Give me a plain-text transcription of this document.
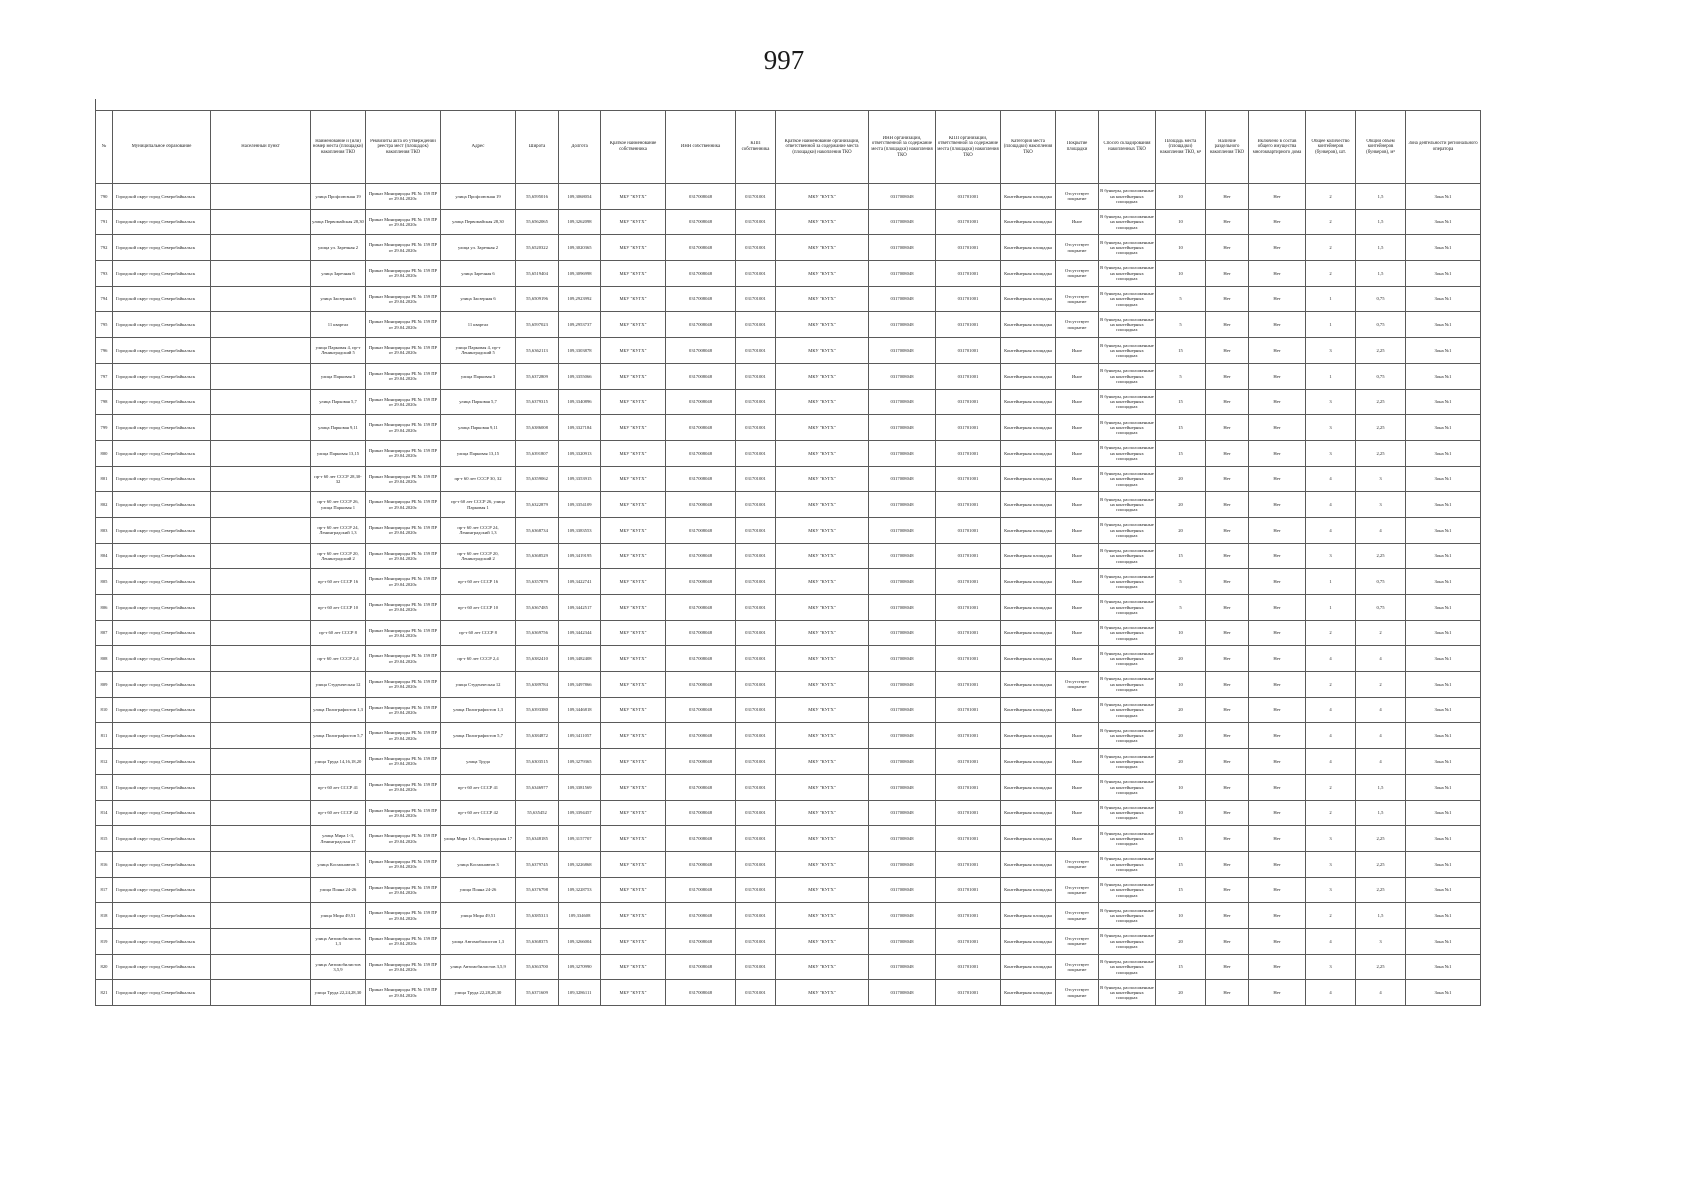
997
№	Муниципальное образование	Населенный пункт	Наименование и (или) номер места (площадки) накопления ТКО	Реквизиты акта об утверждении реестра мест (площадок) накопления ТКО	Адрес	Широта	Долгота	Краткое наименование собственника	ИНН собственника	КПП собственника	Краткое наименование организации, ответственной за содержание места (площадки) накопления ТКО	ИНН организации, ответственной за содержание места (площадки) накопления ТКО	КПП организации, ответственной за содержание места (площадки) накопления ТКО	Категория места (площадки) накопления ТКО	Покрытие площадки	Способ складирования накопленных ТКО	Площадь места (площадки) накопления ТКО, м²	Наличие раздельного накопления ТКО	Включено в состав общего имущества многоквартирного дома	Общее количество контейнеров (бункеров), шт.	Общий объем контейнеров (бункеров), м³	Зона деятельности регионального оператора

790	Городской округ город Северобайкальск		улица Профсоюзная 19	Приказ Минприроды РБ № 159 ПР от 29.04.2020г.	улица Профсоюзная 19	55,6595016	109,3068054	МБУ "КУГХ"	0317008048	031701001	МКУ "КУГХ"	0317008048	031701001	Контейнерная площадка	Отсутствует покрытие	В бункеры, расположенные на контейнерных площадках	10	Нет	Нет	2	1,5	Зона №1

791	Городской округ город Северобайкальск		улица Первомайская 28,30	Приказ Минприроды РБ № 159 ПР от 29.04.2020г.	улица Первомайская 28,30	55,6562065	109,3262098	МБУ "КУГХ"	0317008048	031701001	МКУ "КУГХ"	0317008048	031701001	Контейнерная площадка	Иное	В бункеры, расположенные на контейнерных площадках	10	Нет	Нет	2	1,5	Зона №1

792	Городской округ город Северобайкальск		улица ул. Заречная 2	Приказ Минприроды РБ № 159 ПР от 29.04.2020г.	улица ул. Заречная 2	55,6520322	109,3020365	МБУ "КУГХ"	0317008048	031701001	МКУ "КУГХ"	0317008048	031701001	Контейнерная площадка	Отсутствует покрытие	В бункеры, расположенные на контейнерных площадках	10	Нет	Нет	2	1,5	Зона №1

793	Городской округ город Северобайкальск		улица Заречная 6	Приказ Минприроды РБ № 159 ПР от 29.04.2020г.	улица Заречная 6	55,6519404	109,3096998	МБУ "КУГХ"	0317008048	031701001	МКУ "КУГХ"	0317008048	031701001	Контейнерная площадка	Отсутствует покрытие	В бункеры, расположенные на контейнерных площадках	10	Нет	Нет	2	1,5	Зона №1

794	Городской округ город Северобайкальск		улица Заозерная 6	Приказ Минприроды РБ № 159 ПР от 29.04.2020г.	улица Заозерная 6	55,6509196	109,2923992	МБУ "КУГХ"	0317008048	031701001	МКУ "КУГХ"	0317008048	031701001	Контейнерная площадка	Отсутствует покрытие	В бункеры, расположенные на контейнерных площадках	5	Нет	Нет	1	0,75	Зона №1

795	Городской округ город Северобайкальск		11 квартал	Приказ Минприроды РБ № 159 ПР от 29.04.2020г.	11 квартал	55,6597023	109,2953737	МБУ "КУГХ"	0317008048	031701001	МКУ "КУГХ"	0317008048	031701001	Контейнерная площадка	Отсутствует покрытие	В бункеры, расположенные на контейнерных площадках	5	Нет	Нет	1	0,75	Зона №1

796	Городской округ город Северобайкальск		улица Парковая 4, пр-т Ленинградский 5	Приказ Минприроды РБ № 159 ПР от 29.04.2020г.	улица Парковая 4, пр-т Ленинградский 5	55,6362113	109,3303878	МБУ "КУГХ"	0317008048	031701001	МКУ "КУГХ"	0317008048	031701001	Контейнерная площадка	Иное	В бункеры, расположенные на контейнерных площадках	15	Нет	Нет	3	2,25	Зона №1

797	Городской округ город Северобайкальск		улица Парковая 3	Приказ Минприроды РБ № 159 ПР от 29.04.2020г.	улица Парковая 3	55,6372809	109,3355066	МБУ "КУГХ"	0317008048	031701001	МКУ "КУГХ"	0317008048	031701001	Контейнерная площадка	Иное	В бункеры, расположенные на контейнерных площадках	5	Нет	Нет	1	0,75	Зона №1

798	Городской округ город Северобайкальск		улица Парковая 5,7	Приказ Минприроды РБ № 159 ПР от 29.04.2020г.	улица Парковая 5,7	55,6379315	109,3340896	МБУ "КУГХ"	0317008048	031701001	МКУ "КУГХ"	0317008048	031701001	Контейнерная площадка	Иное	В бункеры, расположенные на контейнерных площадках	15	Нет	Нет	3	2,25	Зона №1

799	Городской округ город Северобайкальск		улица Парковая 9,11	Приказ Минприроды РБ № 159 ПР от 29.04.2020г.	улица Парковая 9,11	55,6386008	109,3327184	МБУ "КУГХ"	0317008048	031701001	МКУ "КУГХ"	0317008048	031701001	Контейнерная площадка	Иное	В бункеры, расположенные на контейнерных площадках	15	Нет	Нет	3	2,25	Зона №1

800	Городской округ город Северобайкальск		улица Парковая 13,15	Приказ Минприроды РБ № 159 ПР от 29.04.2020г.	улица Парковая 13,15	55,6391807	109,3320913	МБУ "КУГХ"	0317008048	031701001	МКУ "КУГХ"	0317008048	031701001	Контейнерная площадка	Иное	В бункеры, расположенные на контейнерных площадках	15	Нет	Нет	3	2,25	Зона №1

801	Городской округ город Северобайкальск		пр-т 60 лет СССР 28,30-32	Приказ Минприроды РБ № 159 ПР от 29.04.2020г.	пр-т 60 лет СССР 30, 32	55,6359062	109,3353915	МБУ "КУГХ"	0317008048	031701001	МКУ "КУГХ"	0317008048	031701001	Контейнерная площадка	Иное	В бункеры, расположенные на контейнерных площадках	20	Нет	Нет	4	3	Зона №1

802	Городской округ город Северобайкальск		пр-т 60 лет СССР 26, улица Парковая 1	Приказ Минприроды РБ № 159 ПР от 29.04.2020г.	пр-т 60 лет СССР 26, улица Парковая 1	55,6322879	109,3354109	МБУ "КУГХ"	0317008048	031701001	МКУ "КУГХ"	0317008048	031701001	Контейнерная площадка	Иное	В бункеры, расположенные на контейнерных площадках	20	Нет	Нет	4	3	Зона №1

803	Городской округ город Северобайкальск		пр-т 60 лет СССР 24, Ленинградский 1,3	Приказ Минприроды РБ № 159 ПР от 29.04.2020г.	пр-т 60 лет СССР 24, Ленинградский 1,3	55,6368734	109,3383553	МБУ "КУГХ"	0317008048	031701001	МКУ "КУГХ"	0317008048	031701001	Контейнерная площадка	Иное	В бункеры, расположенные на контейнерных площадках	20	Нет	Нет	4	4	Зона №1

804	Городской округ город Северобайкальск		пр-т 60 лет СССР 20, Ленинградский 2	Приказ Минприроды РБ № 159 ПР от 29.04.2020г.	пр-т 60 лет СССР 20, Ленинградский 2	55,6368529	109,3419195	МБУ "КУГХ"	0317008048	031701001	МКУ "КУГХ"	0317008048	031701001	Контейнерная площадка	Иное	В бункеры, расположенные на контейнерных площадках	15	Нет	Нет	3	2,25	Зона №1

805	Городской округ город Северобайкальск		пр-т 60 лет СССР 16	Приказ Минприроды РБ № 159 ПР от 29.04.2020г.	пр-т 60 лет СССР 16	55,6357879	109,3422741	МБУ "КУГХ"	0317008048	031701001	МКУ "КУГХ"	0317008048	031701001	Контейнерная площадка	Иное	В бункеры, расположенные на контейнерных площадках	5	Нет	Нет	1	0,75	Зона №1

806	Городской округ город Северобайкальск		пр-т 60 лет СССР 10	Приказ Минприроды РБ № 159 ПР от 29.04.2020г.	пр-т 60 лет СССР 10	55,6367485	109,3442517	МБУ "КУГХ"	0317008048	031701001	МКУ "КУГХ"	0317008048	031701001	Контейнерная площадка	Иное	В бункеры, расположенные на контейнерных площадках	5	Нет	Нет	1	0,75	Зона №1

807	Городской округ город Северобайкальск		пр-т 60 лет СССР 8	Приказ Минприроды РБ № 159 ПР от 29.04.2020г.	пр-т 60 лет СССР 8	55,6369756	109,3442344	МБУ "КУГХ"	0317008048	031701001	МКУ "КУГХ"	0317008048	031701001	Контейнерная площадка	Иное	В бункеры, расположенные на контейнерных площадках	10	Нет	Нет	2	2	Зона №1

808	Городской округ город Северобайкальск		пр-т 60 лет СССР 2,4	Приказ Минприроды РБ № 159 ПР от 29.04.2020г.	пр-т 60 лет СССР 2,4	55,6382410	109,3482408	МБУ "КУГХ"	0317008048	031701001	МКУ "КУГХ"	0317008048	031701001	Контейнерная площадка	Иное	В бункеры, расположенные на контейнерных площадках	20	Нет	Нет	4	4	Зона №1

809	Городской округ город Северобайкальск		улица Студенческая 12	Приказ Минприроды РБ № 159 ПР от 29.04.2020г.	улица Студенческая 12	55,6389784	109,3497866	МБУ "КУГХ"	0317008048	031701001	МКУ "КУГХ"	0317008048	031701001	Контейнерная площадка	Отсутствует покрытие	В бункеры, расположенные на контейнерных площадках	10	Нет	Нет	2	2	Зона №1

810	Городской округ город Северобайкальск		улица Полиграфистов 1,3	Приказ Минприроды РБ № 159 ПР от 29.04.2020г.	улица Полиграфистов 1,3	55,6393380	109,3446818	МБУ "КУГХ"	0317008048	031701001	МКУ "КУГХ"	0317008048	031701001	Контейнерная площадка	Иное	В бункеры, расположенные на контейнерных площадках	20	Нет	Нет	4	4	Зона №1

811	Городской округ город Северобайкальск		улица Полиграфистов 5,7	Приказ Минприроды РБ № 159 ПР от 29.04.2020г.	улица Полиграфистов 5,7	55,6384872	109,3411057	МБУ "КУГХ"	0317008048	031701001	МКУ "КУГХ"	0317008048	031701001	Контейнерная площадка	Иное	В бункеры, расположенные на контейнерных площадках	20	Нет	Нет	4	4	Зона №1

812	Городской округ город Северобайкальск		улица Труда 14,16,18,20	Приказ Минприроды РБ № 159 ПР от 29.04.2020г.	улица Труда	55,6303515	109,3279365	МБУ "КУГХ"	0317008048	031701001	МКУ "КУГХ"	0317008048	031701001	Контейнерная площадка	Иное	В бункеры, расположенные на контейнерных площадках	20	Нет	Нет	4	4	Зона №1

813	Городской округ город Северобайкальск		пр-т 60 лет СССР 41	Приказ Минприроды РБ № 159 ПР от 29.04.2020г.	пр-т 60 лет СССР 41	55,6346977	109,3381569	МБУ "КУГХ"	0317008048	031701001	МКУ "КУГХ"	0317008048	031701001	Контейнерная площадка	Иное	В бункеры, расположенные на контейнерных площадках	10	Нет	Нет	2	1,5	Зона №1

814	Городской округ город Северобайкальск		пр-т 60 лет СССР 42	Приказ Минприроды РБ № 159 ПР от 29.04.2020г.	пр-т 60 лет СССР 42	55,635452	109,3394457	МБУ "КУГХ"	0317008048	031701001	МКУ "КУГХ"	0317008048	031701001	Контейнерная площадка	Иное	В бункеры, расположенные на контейнерных площадках	10	Нет	Нет	2	1,5	Зона №1

815	Городской округ город Северобайкальск		улица Мира 1-3, Ленинградская 17	Приказ Минприроды РБ № 159 ПР от 29.04.2020г.	улица Мира 1-3, Ленинградская 17	55,6348185	109,3157707	МБУ "КУГХ"	0317008048	031701001	МКУ "КУГХ"	0317008048	031701001	Контейнерная площадка	Иное	В бункеры, расположенные на контейнерных площадках	15	Нет	Нет	3	2,25	Зона №1

816	Городской округ город Северобайкальск		улица Космонавтов 3	Приказ Минприроды РБ № 159 ПР от 29.04.2020г.	улица Космонавтов 3	55,6379745	109,3226868	МБУ "КУГХ"	0317008048	031701001	МКУ "КУГХ"	0317008048	031701001	Контейнерная площадка	Отсутствует покрытие	В бункеры, расположенные на контейнерных площадках	15	Нет	Нет	3	2,25	Зона №1

817	Городской округ город Северобайкальск		улица Пояна 24-26	Приказ Минприроды РБ № 159 ПР от 29.04.2020г.	улица Пояна 24-26	55,6376798	109,3228753	МБУ "КУГХ"	0317008048	031701001	МКУ "КУГХ"	0317008048	031701001	Контейнерная площадка	Отсутствует покрытие	В бункеры, расположенные на контейнерных площадках	15	Нет	Нет	3	2,25	Зона №1

818	Городской округ город Северобайкальск		улица Мира 49,51	Приказ Минприроды РБ № 159 ПР от 29.04.2020г.	улица Мира 49,51	55,6385313	109,334608	МБУ "КУГХ"	0317008048	031701001	МКУ "КУГХ"	0317008048	031701001	Контейнерная площадка	Отсутствует покрытие	В бункеры, расположенные на контейнерных площадках	10	Нет	Нет	2	1,5	Зона №1

819	Городской округ город Северобайкальск		улица Автомобилистов 1,3	Приказ Минприроды РБ № 159 ПР от 29.04.2020г.	улица Автомобилистов 1,3	55,6368375	109,3266004	МБУ "КУГХ"	0317008048	031701001	МКУ "КУГХ"	0317008048	031701001	Контейнерная площадка	Отсутствует покрытие	В бункеры, расположенные на контейнерных площадках	20	Нет	Нет	4	3	Зона №1

820	Городской округ город Северобайкальск		улица Автомобилистов 3,5,9	Приказ Минприроды РБ № 159 ПР от 29.04.2020г.	улица Автомобилистов 3,5,9	55,6363700	109,3270990	МБУ "КУГХ"	0317008048	031701001	МКУ "КУГХ"	0317008048	031701001	Контейнерная площадка	Отсутствует покрытие	В бункеры, расположенные на контейнерных площадках	15	Нет	Нет	3	2,25	Зона №1

821	Городской округ город Северобайкальск		улица Труда 22,24,28,30	Приказ Минприроды РБ № 159 ПР от 29.04.2020г.	улица Труда 22,28,28,30	55,6371609	109,3286111	МБУ "КУГХ"	0317008048	031701001	МКУ "КУГХ"	0317008048	031701001	Контейнерная площадка	Отсутствует покрытие	В бункеры, расположенные на контейнерных площадках	20	Нет	Нет	4	4	Зона №1
